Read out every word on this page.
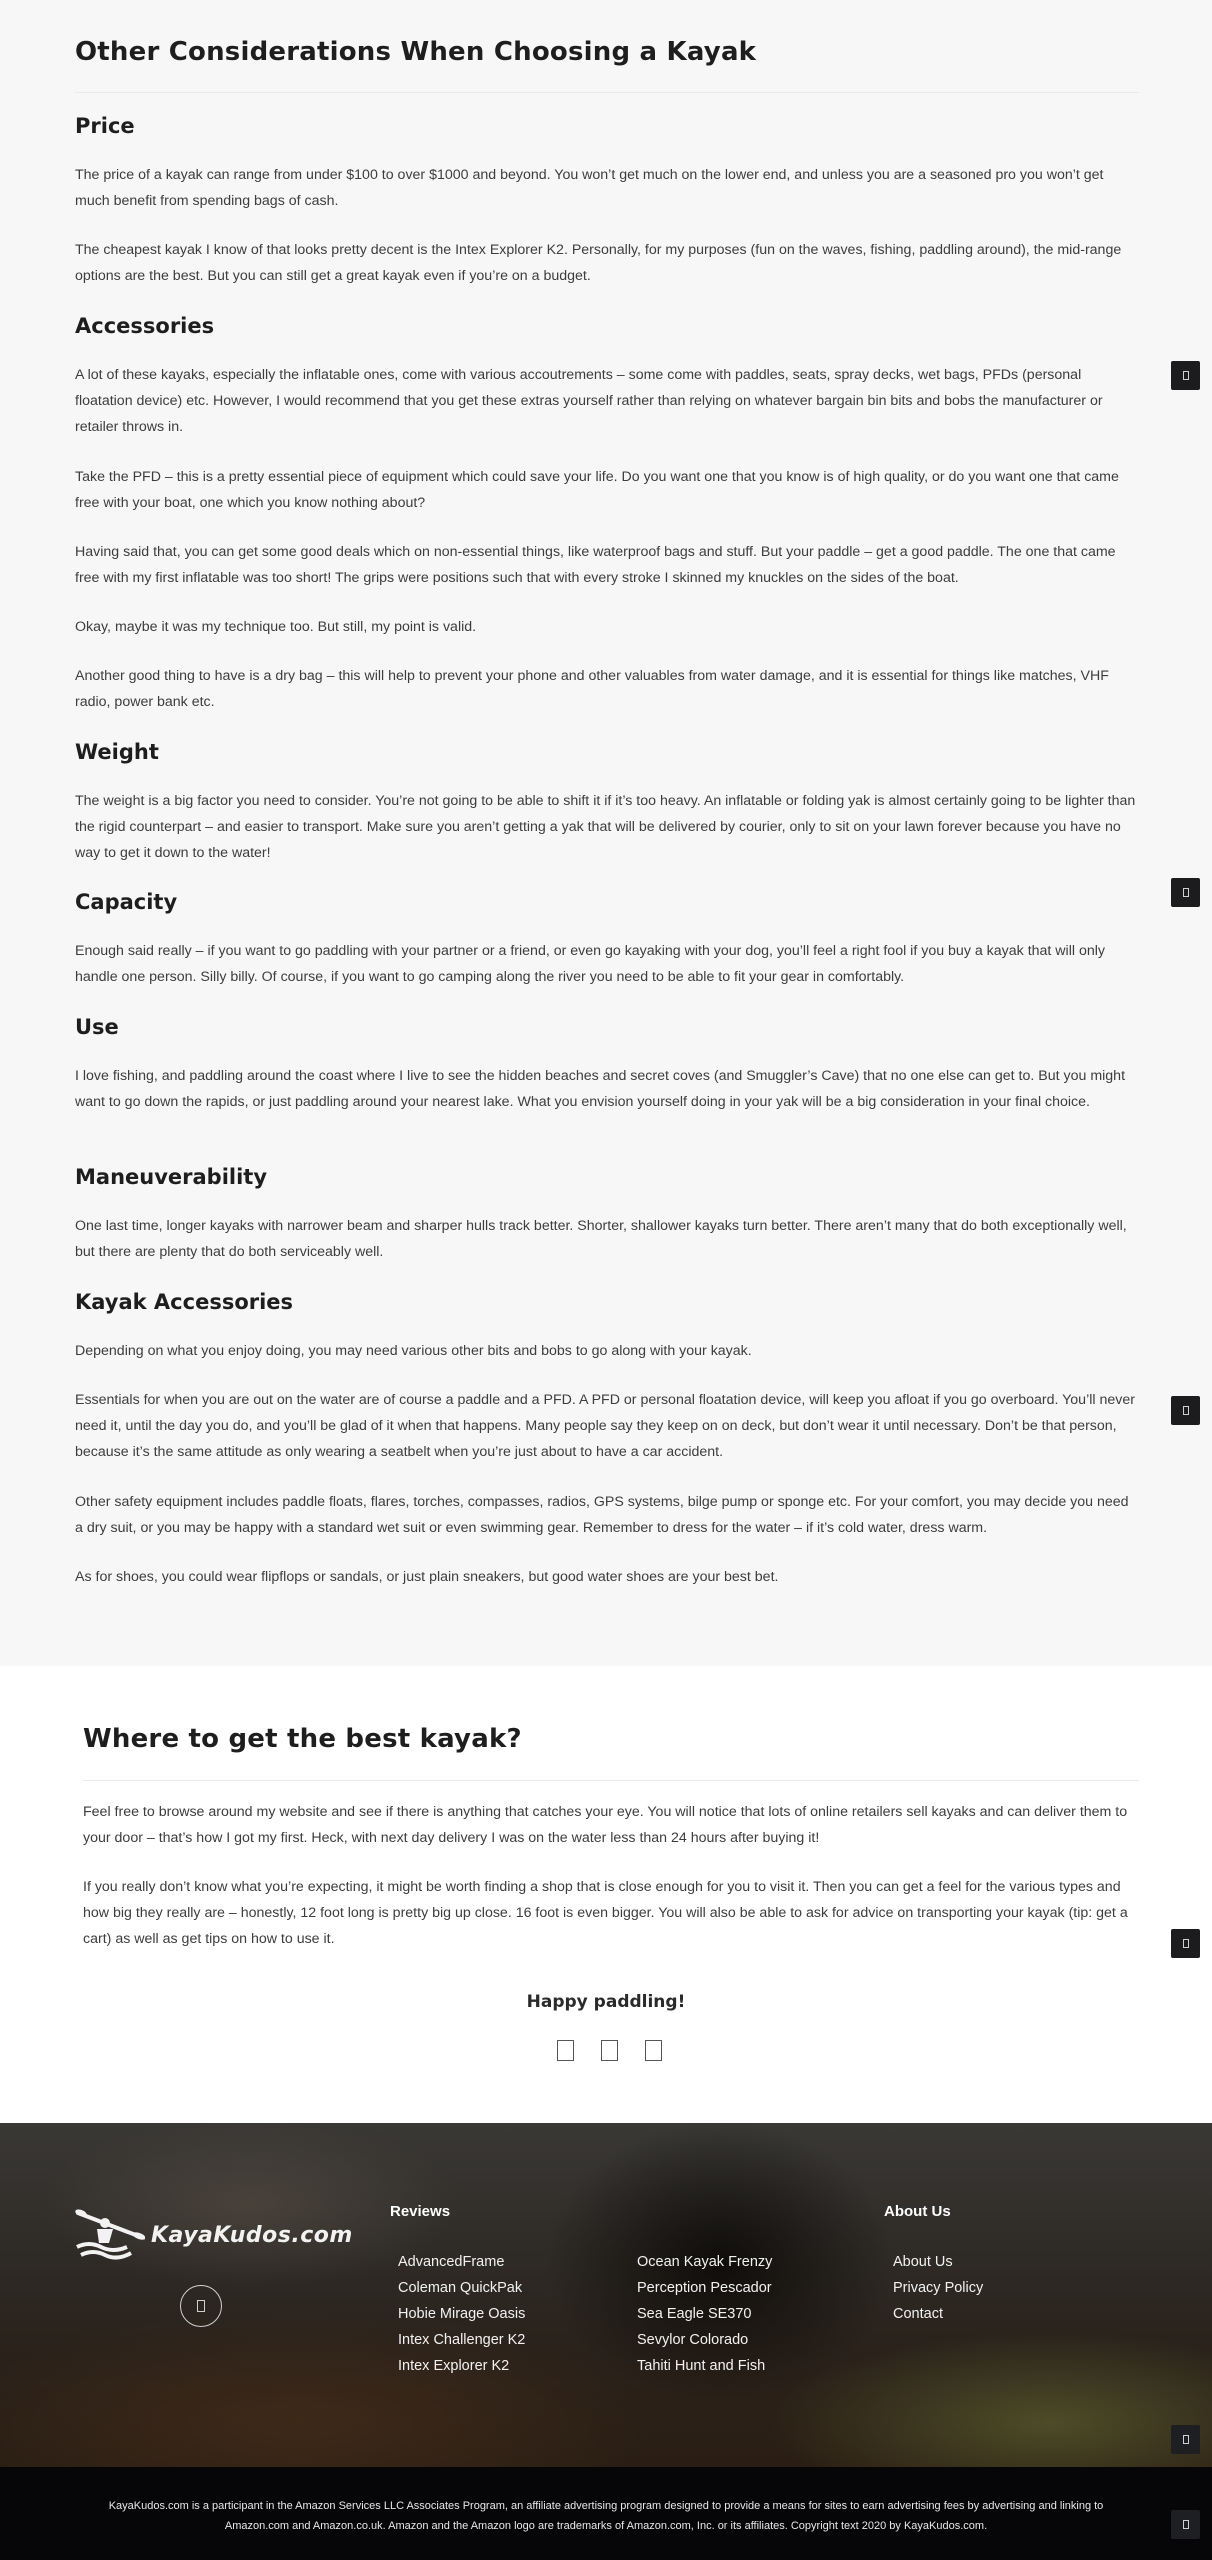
Other Considerations When Choosing a Kayak
Price

The price of a kayak can range from under $100 to over $1000 and beyond. You won’t get much on the lower end, and unless you are a seasoned pro you won’t get much benefit from spending bags of cash.

The cheapest kayak I know of that looks pretty decent is the Intex Explorer K2. Personally, for my purposes (fun on the waves, fishing, paddling around), the mid-range options are the best. But you can still get a great kayak even if you’re on a budget.

Accessories

A lot of these kayaks, especially the inflatable ones, come with various accoutrements – some come with paddles, seats, spray decks, wet bags, PFDs (personal floatation device) etc. However, I would recommend that you get these extras yourself rather than relying on whatever bargain bin bits and bobs the manufacturer or retailer throws in.

Take the PFD – this is a pretty essential piece of equipment which could save your life. Do you want one that you know is of high quality, or do you want one that came free with your boat, one which you know nothing about?

Having said that, you can get some good deals which on non-essential things, like waterproof bags and stuff. But your paddle – get a good paddle. The one that came free with my first inflatable was too short! The grips were positions such that with every stroke I skinned my knuckles on the sides of the boat.

Okay, maybe it was my technique too. But still, my point is valid.

Another good thing to have is a dry bag – this will help to prevent your phone and other valuables from water damage, and it is essential for things like matches, VHF radio, power bank etc.

Weight

The weight is a big factor you need to consider. You’re not going to be able to shift it if it’s too heavy. An inflatable or folding yak is almost certainly going to be lighter than the rigid counterpart – and easier to transport. Make sure you aren’t getting a yak that will be delivered by courier, only to sit on your lawn forever because you have no way to get it down to the water!

Capacity

Enough said really – if you want to go paddling with your partner or a friend, or even go kayaking with your dog, you’ll feel a right fool if you buy a kayak that will only handle one person. Silly billy. Of course, if you want to go camping along the river you need to be able to fit your gear in comfortably.

Use

I love fishing, and paddling around the coast where I live to see the hidden beaches and secret coves (and Smuggler’s Cave) that no one else can get to. But you might want to go down the rapids, or just paddling around your nearest lake. What you envision yourself doing in your yak will be a big consideration in your final choice.

Maneuverability

One last time, longer kayaks with narrower beam and sharper hulls track better. Shorter, shallower kayaks turn better. There aren’t many that do both exceptionally well, but there are plenty that do both serviceably well.

Kayak Accessories

Depending on what you enjoy doing, you may need various other bits and bobs to go along with your kayak.

Essentials for when you are out on the water are of course a paddle and a PFD. A PFD or personal floatation device, will keep you afloat if you go overboard. You’ll never need it, until the day you do, and you’ll be glad of it when that happens. Many people say they keep on on deck, but don’t wear it until necessary. Don’t be that person, because it’s the same attitude as only wearing a seatbelt when you’re just about to have a car accident.

Other safety equipment includes paddle floats, flares, torches, compasses, radios, GPS systems, bilge pump or sponge etc. For your comfort, you may decide you need a dry suit, or you may be happy with a standard wet suit or even swimming gear. Remember to dress for the water – if it’s cold water, dress warm.

As for shoes, you could wear flipflops or sandals, or just plain sneakers, but good water shoes are your best bet.

Where to get the best kayak?

Feel free to browse around my website and see if there is anything that catches your eye. You will notice that lots of online retailers sell kayaks and can deliver them to your door – that’s how I got my first. Heck, with next day delivery I was on the water less than 24 hours after buying it!

If you really don’t know what you’re expecting, it might be worth finding a shop that is close enough for you to visit it. Then you can get a feel for the various types and how big they really are – honestly, 12 foot long is pretty big up close. 16 foot is even bigger. You will also be able to ask for advice on transporting your kayak (tip: get a cart) as well as get tips on how to use it.

Happy paddling!
KayaKudos.com
Reviews
AdvancedFrame
Coleman QuickPak
Hobie Mirage Oasis
Intex Challenger K2
Intex Explorer K2
Ocean Kayak Frenzy
Perception Pescador
Sea Eagle SE370
Sevylor Colorado
Tahiti Hunt and Fish
About Us
About Us
Privacy Policy
Contact

KayaKudos.com is a participant in the Amazon Services LLC Associates Program, an affiliate advertising program designed to provide a means for sites to earn advertising fees by advertising and linking to Amazon.com and Amazon.co.uk. Amazon and the Amazon logo are trademarks of Amazon.com, Inc. or its affiliates. Copyright text 2020 by KayaKudos.com.
